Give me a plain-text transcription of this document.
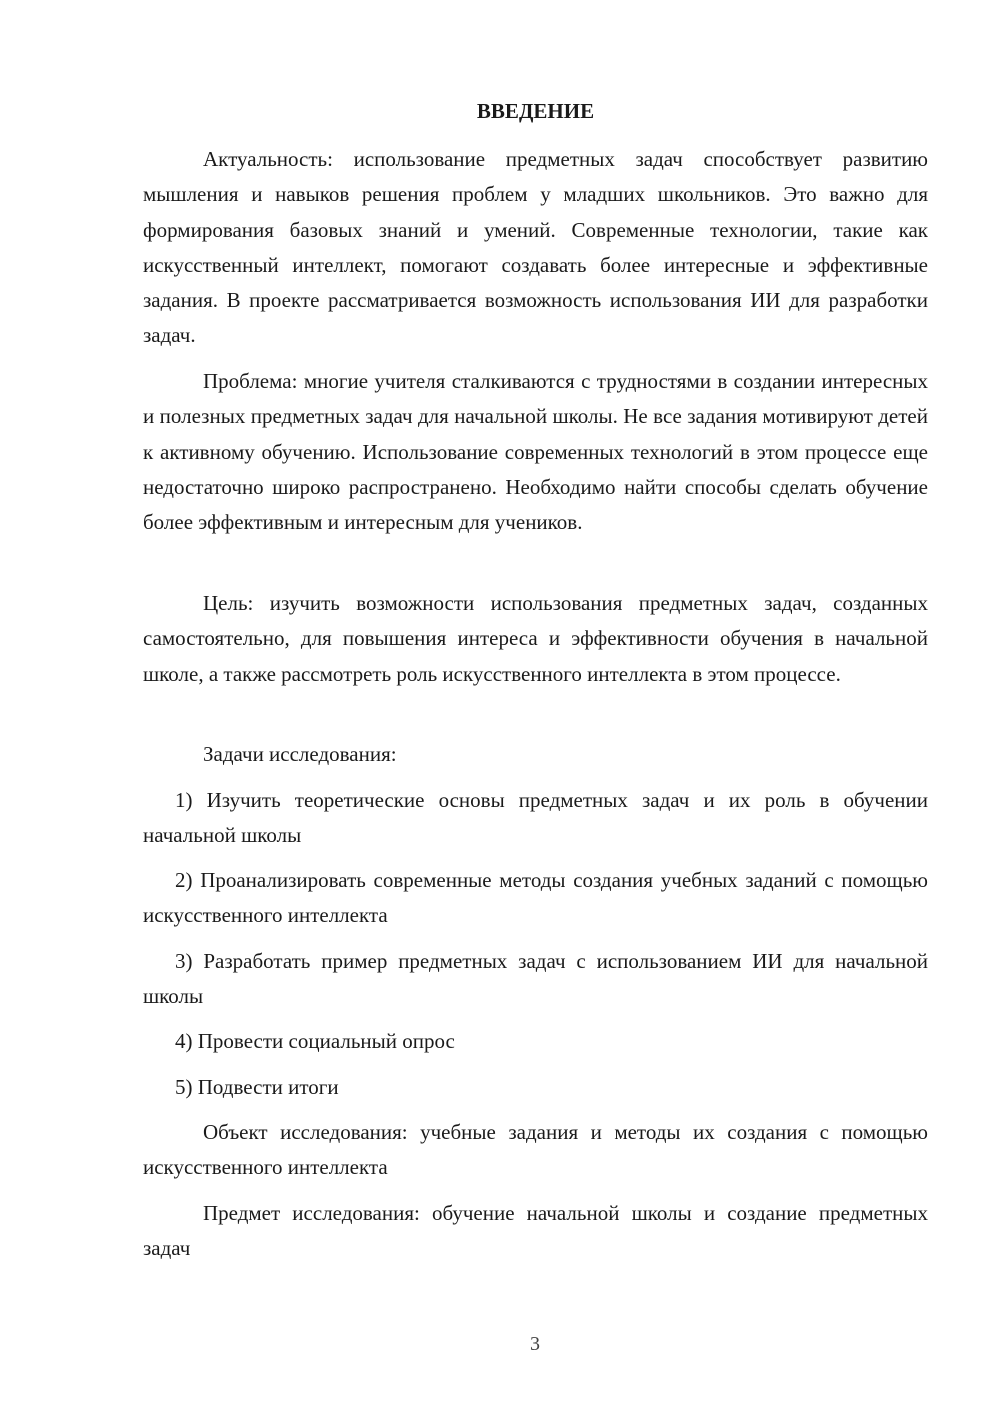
ВВЕДЕНИЕ

Актуальность: использование предметных задач способствует развитию мышления и навыков решения проблем у младших школьников. Это важно для формирования базовых знаний и умений. Современные технологии, такие как искусственный интеллект, помогают создавать более интересные и эффективные задания. В проекте рассматривается возможность использования ИИ для разработки задач.

Проблема: многие учителя сталкиваются с трудностями в создании интересных и полезных предметных задач для начальной школы. Не все задания мотивируют детей к активному обучению. Использование современных технологий в этом процессе еще недостаточно широко распространено. Необходимо найти способы сделать обучение более эффективным и интересным для учеников.

Цель: изучить возможности использования предметных задач, созданных самостоятельно, для повышения интереса и эффективности обучения в начальной школе, а также рассмотреть роль искусственного интеллекта в этом процессе.

Задачи исследования:

1) Изучить теоретические основы предметных задач и их роль в обучении начальной школы

2) Проанализировать современные методы создания учебных заданий с помощью искусственного интеллекта

3) Разработать пример предметных задач с использованием ИИ для начальной школы

4) Провести социальный опрос

5) Подвести итоги

Объект исследования: учебные задания и методы их создания с помощью искусственного интеллекта

Предмет исследования: обучение начальной школы и создание предметных задач

3
